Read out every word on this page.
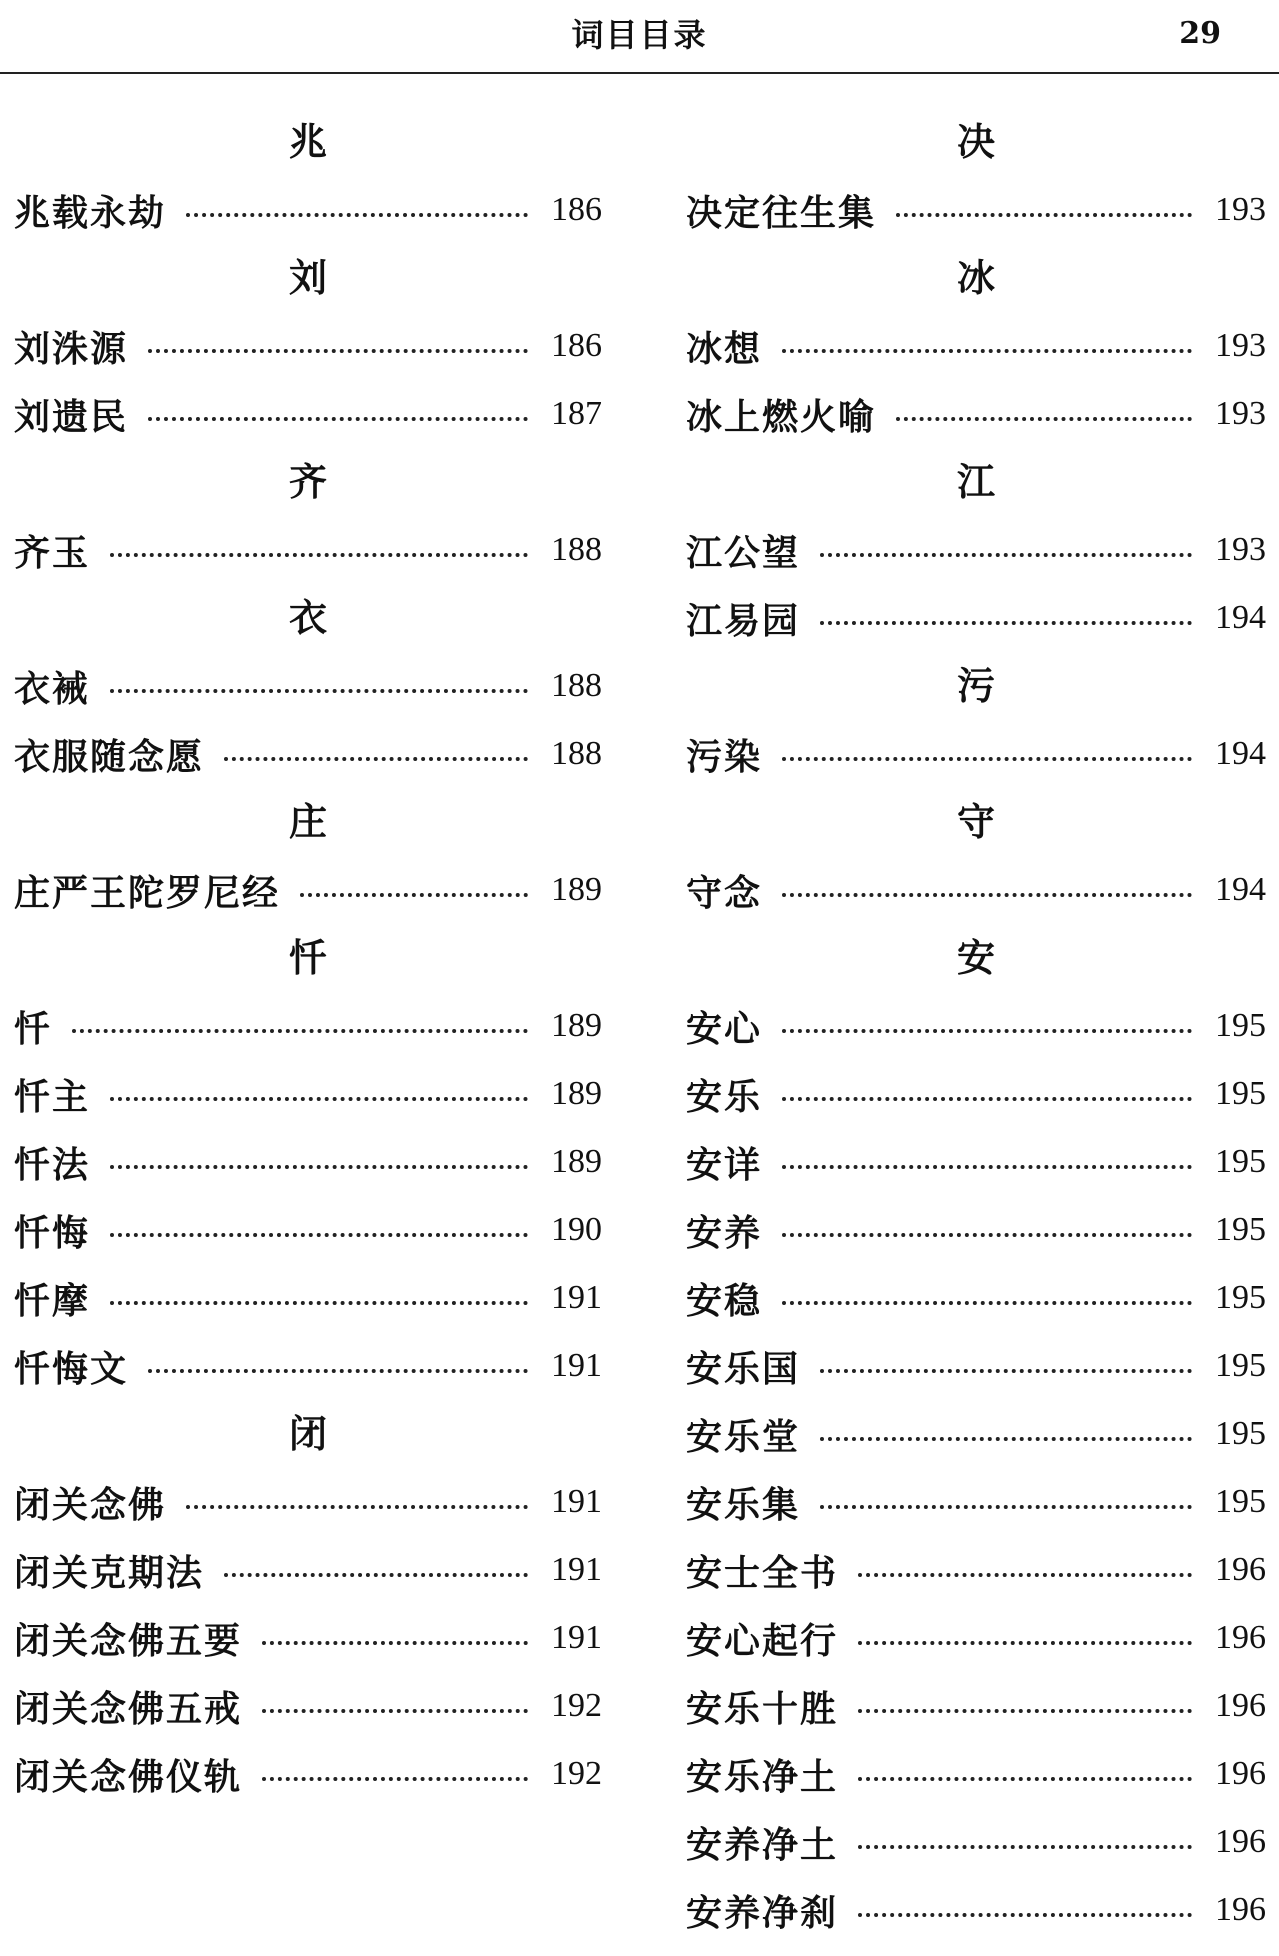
词目目录	29
兆
兆载永劫	186
刘
刘洙源	186
刘遗民	187
齐
齐玉	188
衣
衣裓	188
衣服随念愿	188
庄
庄严王陀罗尼经	189
忏
忏	189
忏主	189
忏法	189
忏悔	190
忏摩	191
忏悔文	191
闭
闭关念佛	191
闭关克期法	191
闭关念佛五要	191
闭关念佛五戒	192
闭关念佛仪轨	192
决
决定往生集	193
冰
冰想	193
冰上燃火喻	193
江
江公望	193
江易园	194
污
污染	194
守
守念	194
安
安心	195
安乐	195
安详	195
安养	195
安稳	195
安乐国	195
安乐堂	195
安乐集	195
安士全书	196
安心起行	196
安乐十胜	196
安乐净土	196
安养净土	196
安养净刹	196
